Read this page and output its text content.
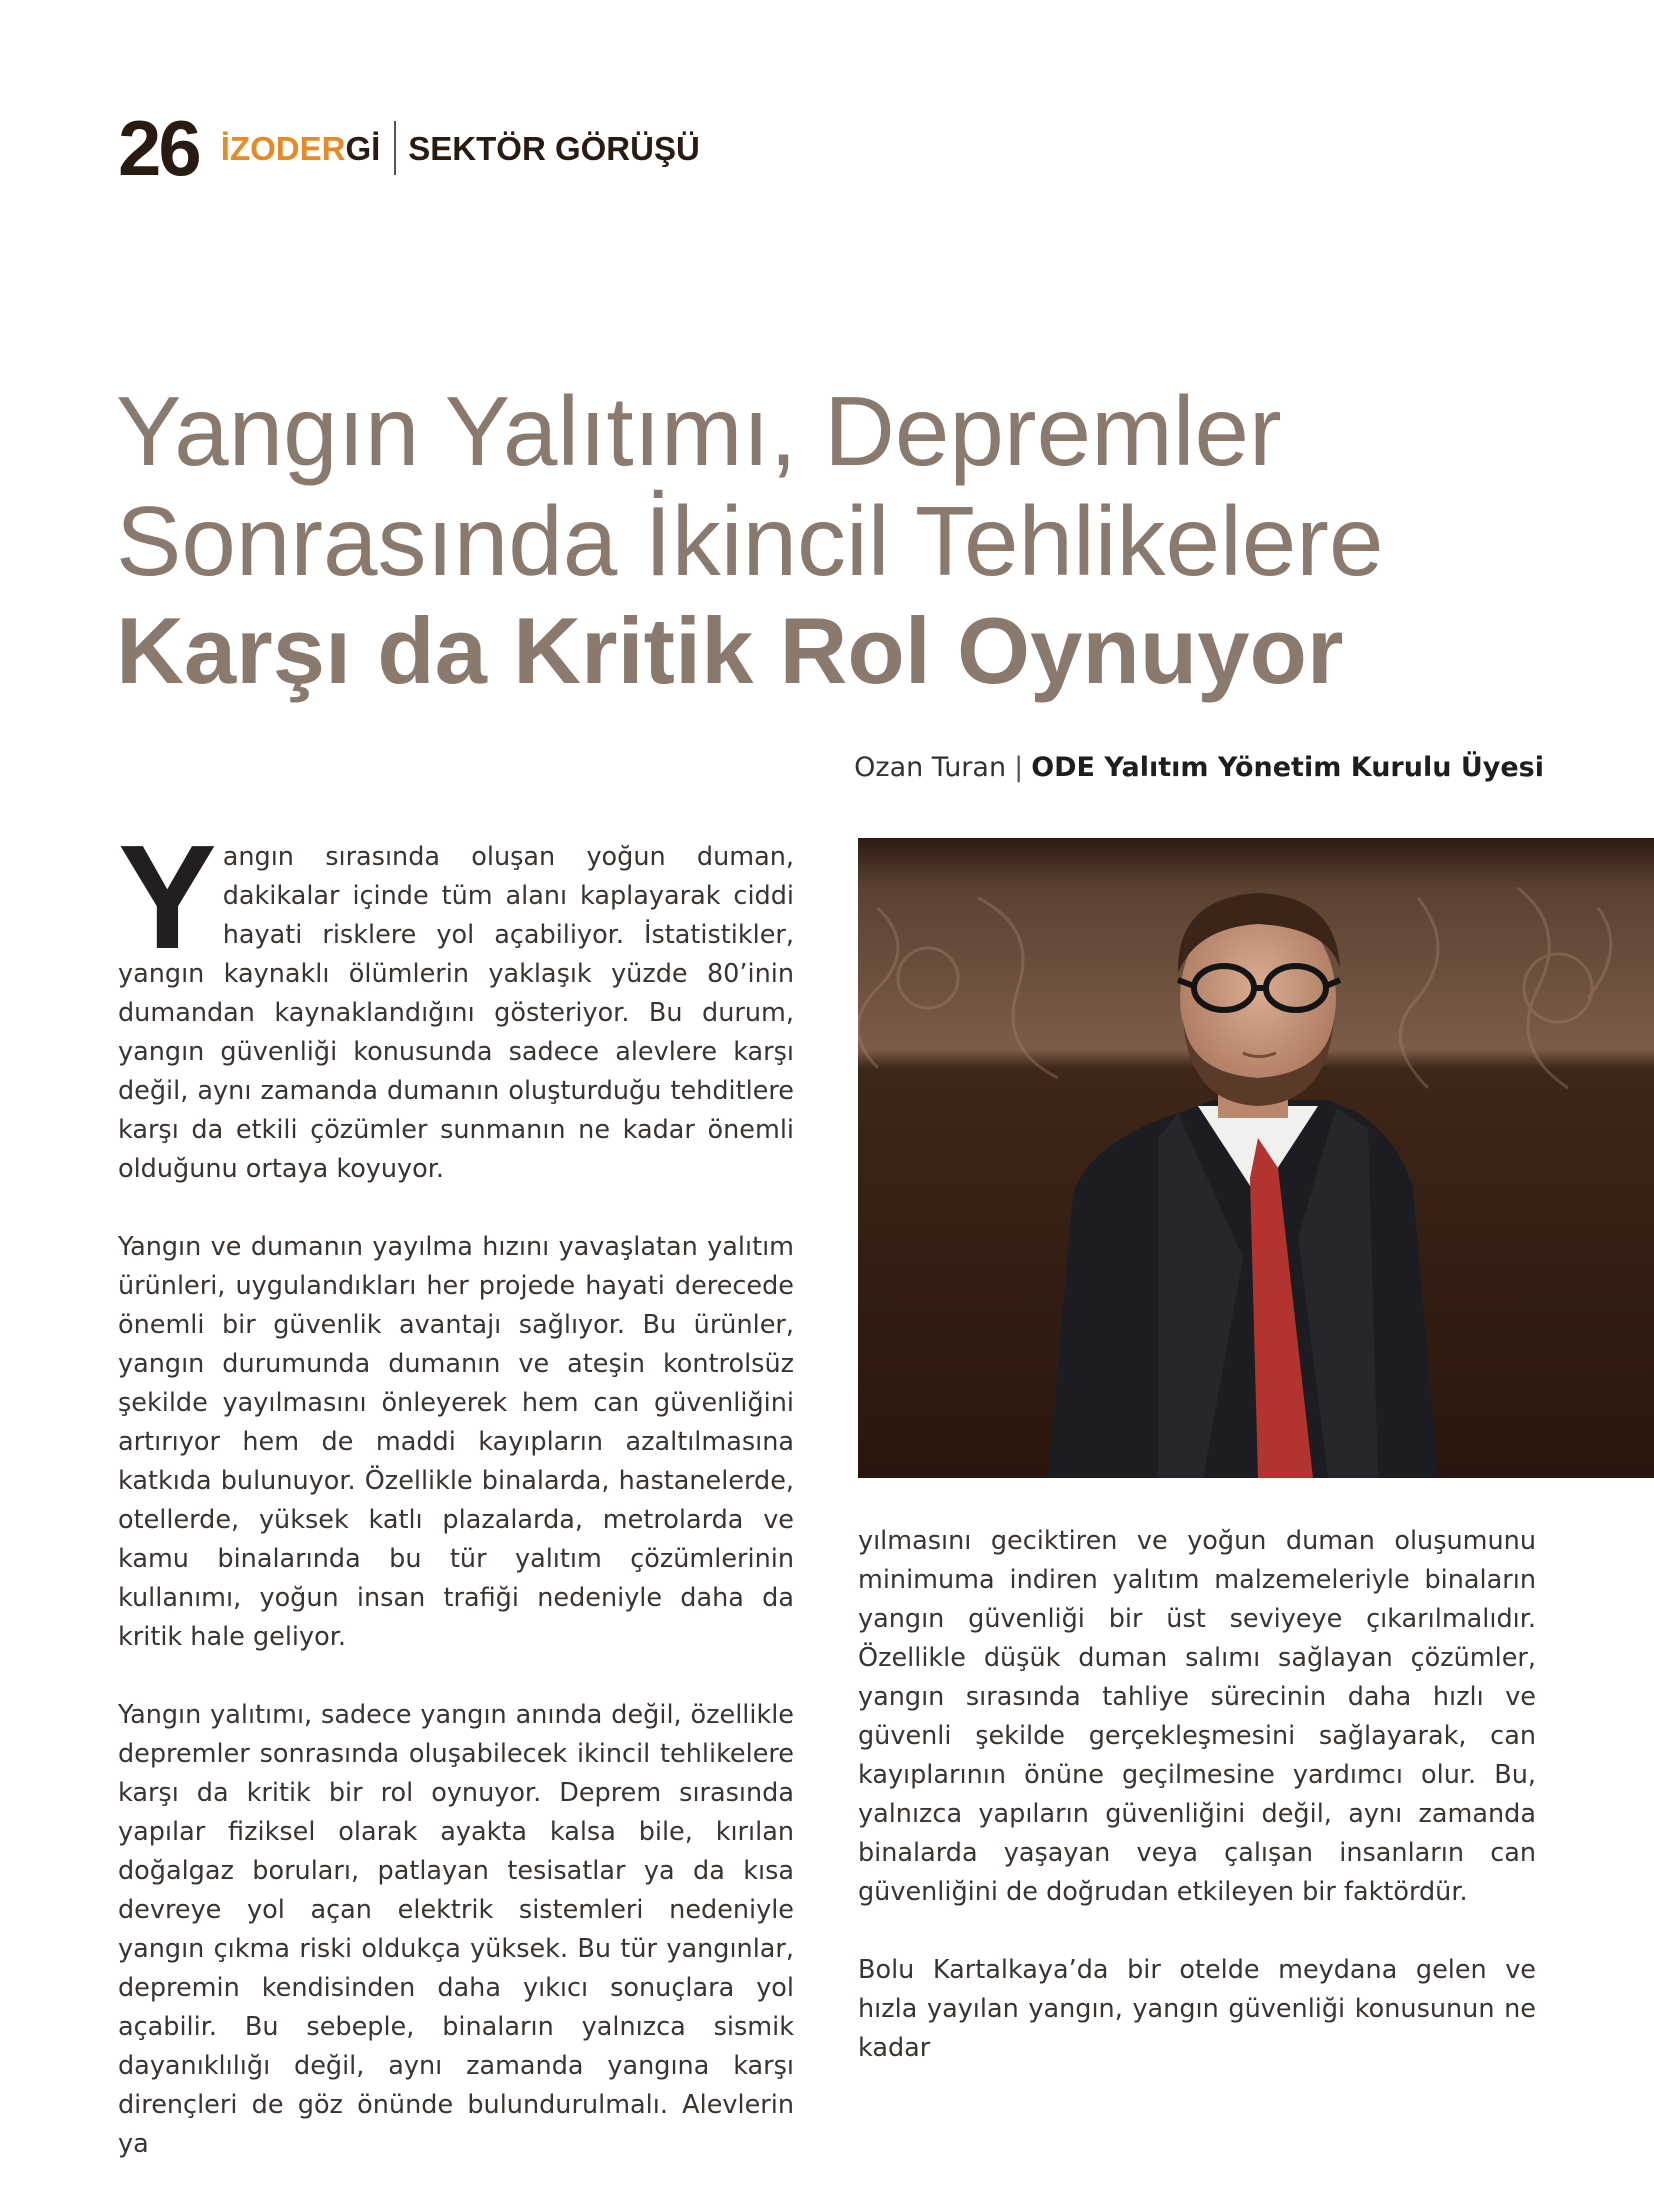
26 İZODERGİ SEKTÖR GÖRÜŞÜ
Yangın Yalıtımı, Depremler
Sonrasında İkincil Tehlikelere
Karşı da Kritik Rol Oynuyor
Ozan Turan | ODE Yalıtım Yönetim Kurulu Üyesi

Yangın sırasında oluşan yoğun duman, dakikalar içinde tüm alanı kaplayarak ciddi hayati risklere yol açabiliyor. İstatistikler, yangın kaynaklı ölümlerin yaklaşık yüzde 80’inin dumandan kaynaklandığını gösteriyor. Bu durum, yangın güvenliği konusunda sadece alevlere karşı değil, aynı zamanda dumanın oluşturduğu tehditlere karşı da etkili çözümler sunmanın ne kadar önemli olduğunu ortaya koyuyor.

Yangın ve dumanın yayılma hızını yavaşlatan yalıtım ürünleri, uygulandıkları her projede hayati derecede önemli bir güvenlik avantajı sağlıyor. Bu ürünler, yangın durumunda dumanın ve ateşin kontrolsüz şekilde yayılmasını önleyerek hem can güvenliğini artırıyor hem de maddi kayıpların azaltılmasına katkıda bulunuyor. Özellikle binalarda, hastanelerde, otellerde, yüksek katlı plazalarda, metrolarda ve kamu binalarında bu tür yalıtım çözümlerinin kullanımı, yoğun insan trafiği nedeniyle daha da kritik hale geliyor.

Yangın yalıtımı, sadece yangın anında değil, özellikle depremler sonrasında oluşabilecek ikincil tehlikelere karşı da kritik bir rol oynuyor. Deprem sırasında yapılar fiziksel olarak ayakta kalsa bile, kırılan doğalgaz boruları, patlayan tesisatlar ya da kısa devreye yol açan elektrik sistemleri nedeniyle yangın çıkma riski oldukça yüksek. Bu tür yangınlar, depremin kendisinden daha yıkıcı sonuçlara yol açabilir. Bu sebeple, binaların yalnızca sismik dayanıklılığı değil, aynı zamanda yangına karşı dirençleri de göz önünde bulundurulmalı. Alevlerin ya

yılmasını geciktiren ve yoğun duman oluşumunu minimuma indiren yalıtım malzemeleriyle binaların yangın güvenliği bir üst seviyeye çıkarılmalıdır. Özellikle düşük duman salımı sağlayan çözümler, yangın sırasında tahliye sürecinin daha hızlı ve güvenli şekilde gerçekleşmesini sağlayarak, can kayıplarının önüne geçilmesine yardımcı olur. Bu, yalnızca yapıların güvenliğini değil, aynı zamanda binalarda yaşayan veya çalışan insanların can güvenliğini de doğrudan etkileyen bir faktördür.

Bolu Kartalkaya’da bir otelde meydana gelen ve hızla yayılan yangın, yangın güvenliği konusunun ne kadar
